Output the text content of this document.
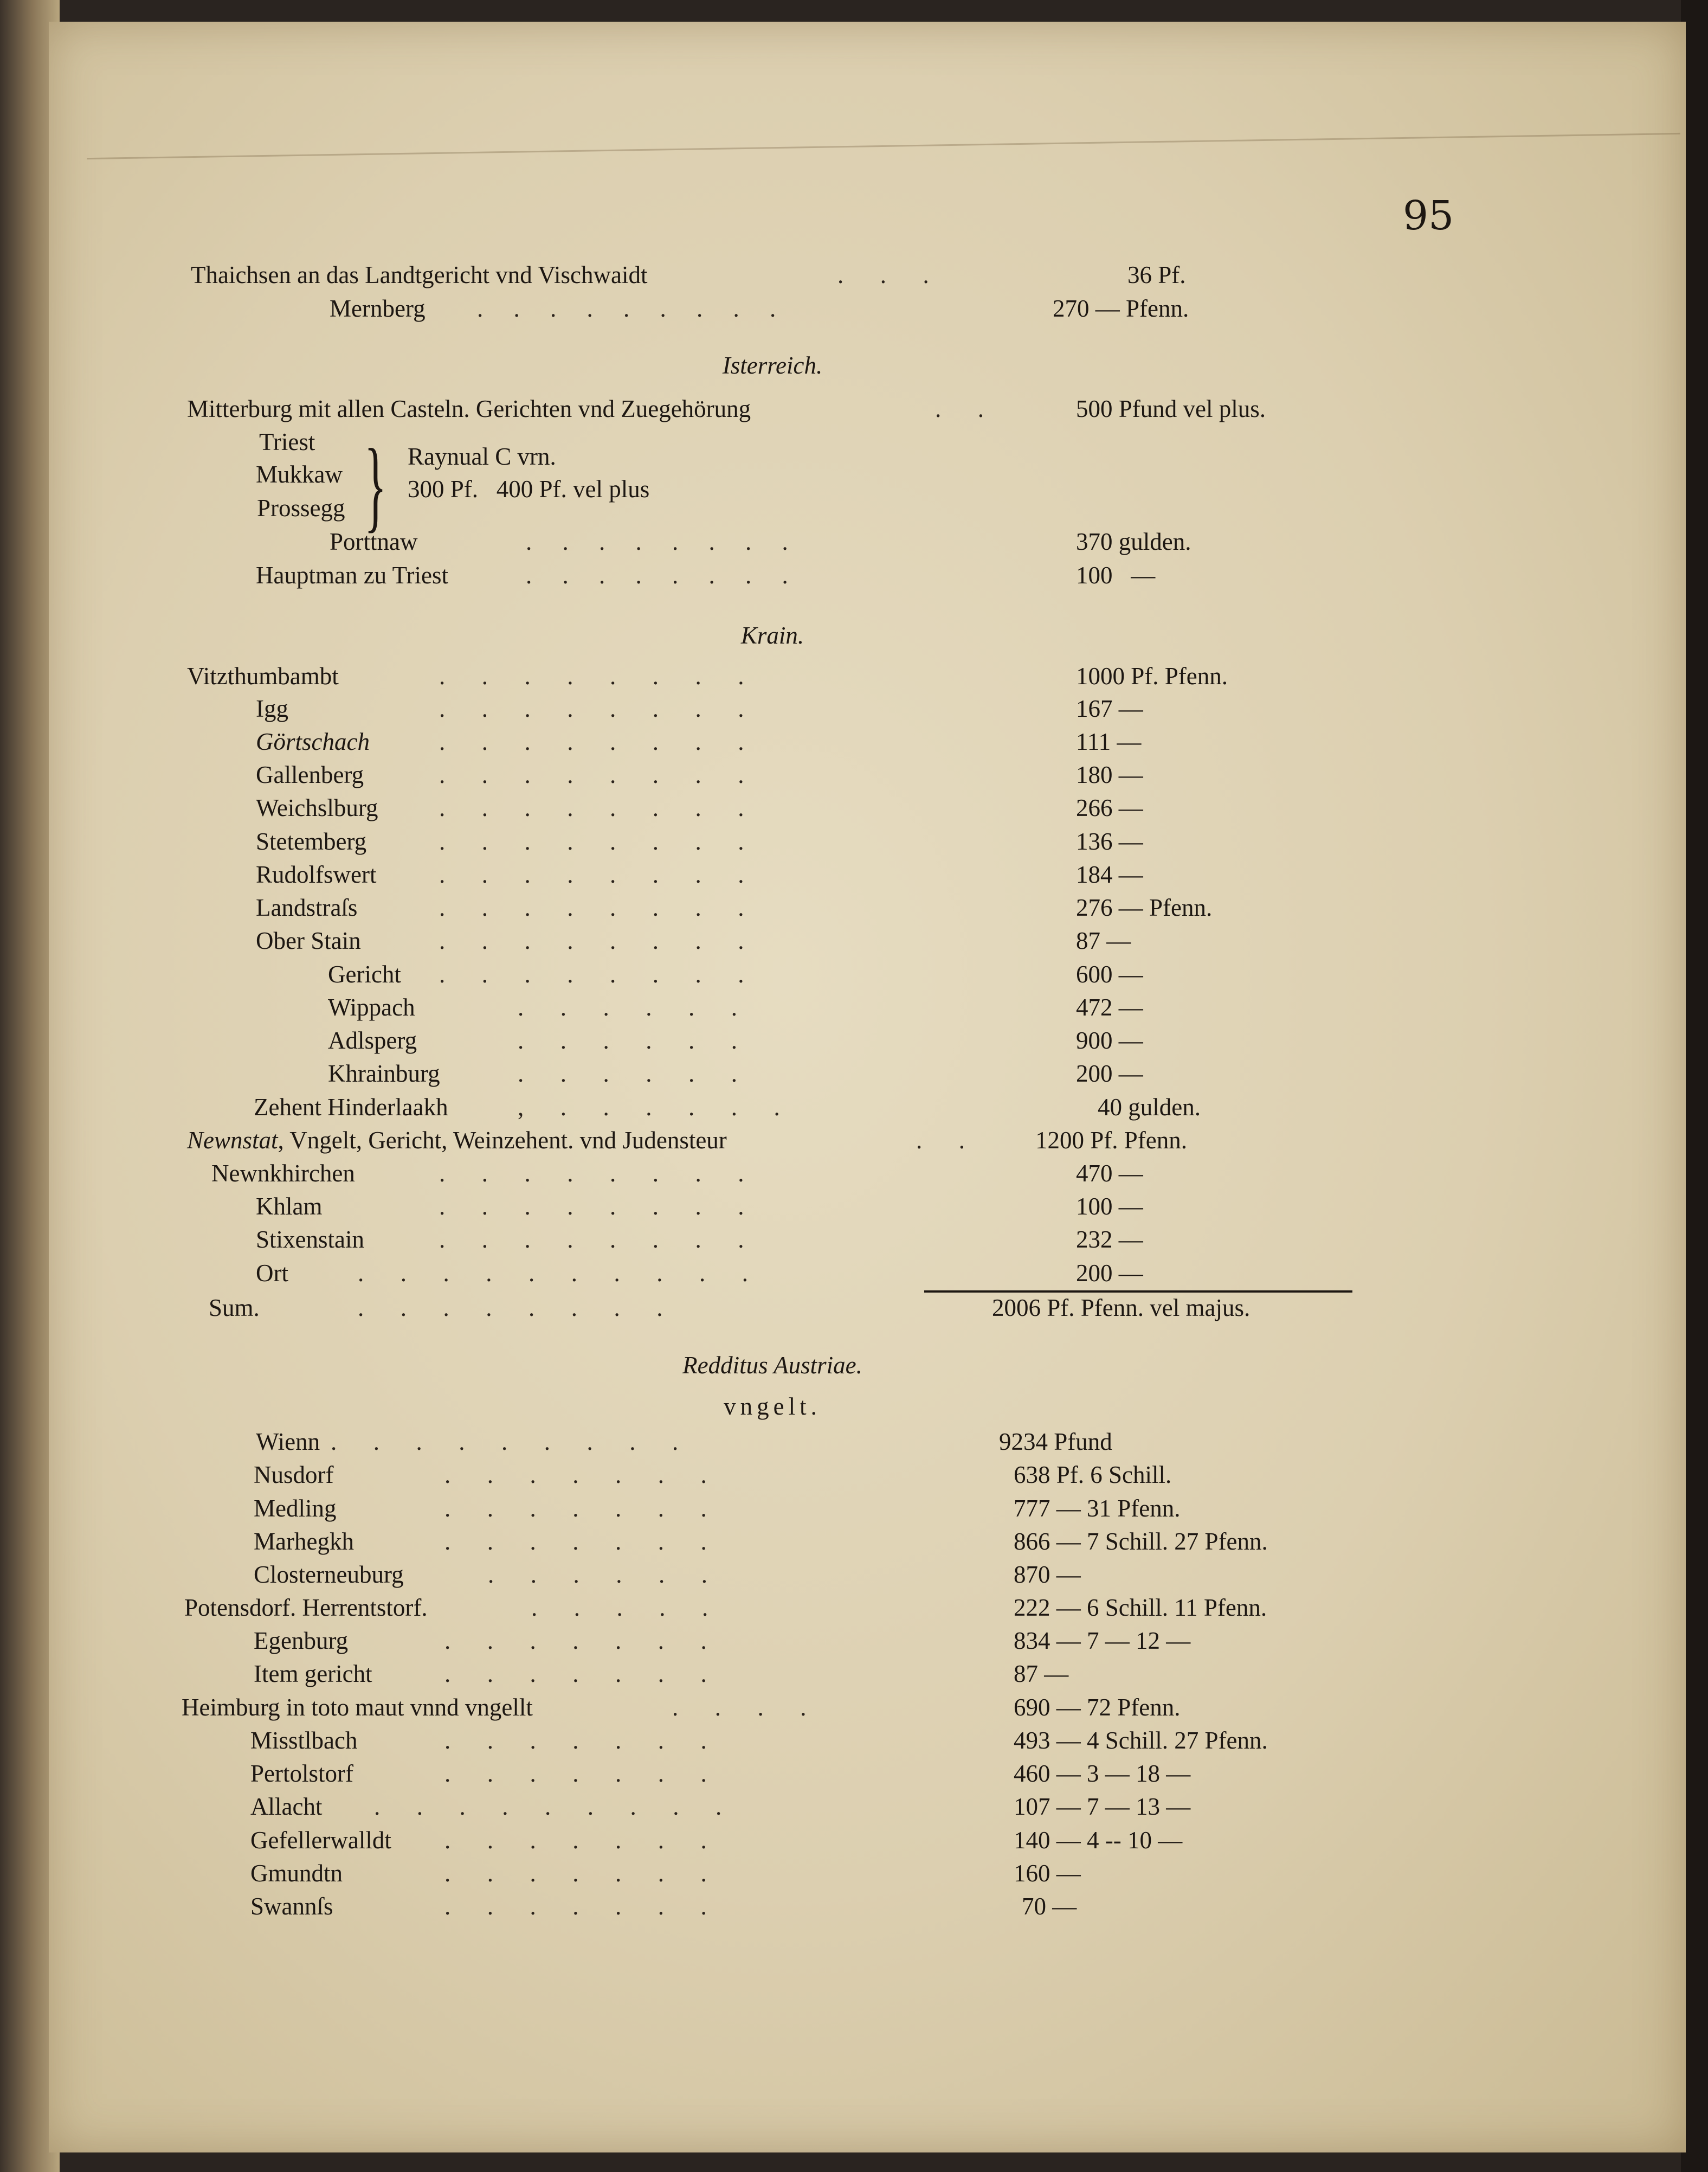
95
Thaichsen an das Landtgericht vnd Vischwaidt	.      .      .	36 Pf.
Mernberg .     .     .     .     .     .     .     .     .	270 — Pfenn.
Isterreich.
Mitterburg mit allen Casteln. Gerichten vnd Zuegehörung	.      .	500 Pfund vel plus.
Triest
Mukkaw
Prossegg } Raynual C vrn.
300 Pf.   400 Pf. vel plus
Porttnaw	.     .     .     .     .     .     .     .	370 gulden.
Hauptman zu Triest	.     .     .     .     .     .     .     .	100   —
Krain.
Vitzthumbambt	.      .      .      .      .      .      .      .	1000 Pf. Pfenn.
Igg	.      .      .      .      .      .      .      .	167 —
Görtschach	.      .      .      .      .      .      .      .	111 —
Gallenberg	.      .      .      .      .      .      .      .	180 —
Weichslburg .      .      .      .      .      .      .      .	266 —
Stetemberg	.      .      .      .      .      .      .      .	136 —
Rudolfswert	.      .      .      .      .      .      .      .	184 —
Landstraſs	.      .      .      .      .      .      .      .	276 — Pfenn.
Ober Stain	.      .      .      .      .      .      .      .	87 —
Gericht .      .      .      .      .      .      .      .	600 —
Wippach	.      .      .      .      .      .	472 —
Adlsperg	.      .      .      .      .      .	900 —
Khrainburg	.      .      .      .      .      .	200 —
Zehent Hinderlaakh	,      .      .      .      .      .      .	40 gulden.
Newnstat, Vngelt, Gericht, Weinzehent. vnd Judensteur	.      .	1200 Pf. Pfenn.
Newnkhirchen	.      .      .      .      .      .      .      .	470 —
Khlam	.      .      .      .      .      .      .      .	100 —
Stixenstain	.      .      .      .      .      .      .      .	232 —
Ort	.      .      .      .      .      .      .      .      .      .	200 —
Sum.	.      .      .      .      .      .      .      .	2006 Pf. Pfenn. vel majus.
Redditus Austriae.
vngelt.
Wienn .      .      .      .      .      .      .      .      .	9234 Pfund
Nusdorf	.      .      .      .      .      .      .	638 Pf. 6 Schill.
Medling	.      .      .      .      .      .      .	777 — 31 Pfenn.
Marhegkh	.      .      .      .      .      .      .	866 — 7 Schill. 27 Pfenn.
Closterneuburg	.      .      .      .      .      .	870 —
Potensdorf. Herrentstorf.	.      .      .      .      .	222 — 6 Schill. 11 Pfenn.
Egenburg	.      .      .      .      .      .      .	834 — 7 — 12 —
Item gericht	.      .      .      .      .      .      .	87 —
Heimburg in toto maut vnnd vngellt	.      .      .      .	690 — 72 Pfenn.
Misstlbach	.      .      .      .      .      .      .	493 — 4 Schill. 27 Pfenn.
Pertolstorf	.      .      .      .      .      .      .	460 — 3 — 18 —
Allacht .      .      .      .      .      .      .      .      .	107 — 7 — 13 —
Gefellerwalldt .      .      .      .      .      .      .	140 — 4 -- 10 —
Gmundtn	.      .      .      .      .      .      .	160 —
Swannſs	.      .      .      .      .      .      .	70 —
